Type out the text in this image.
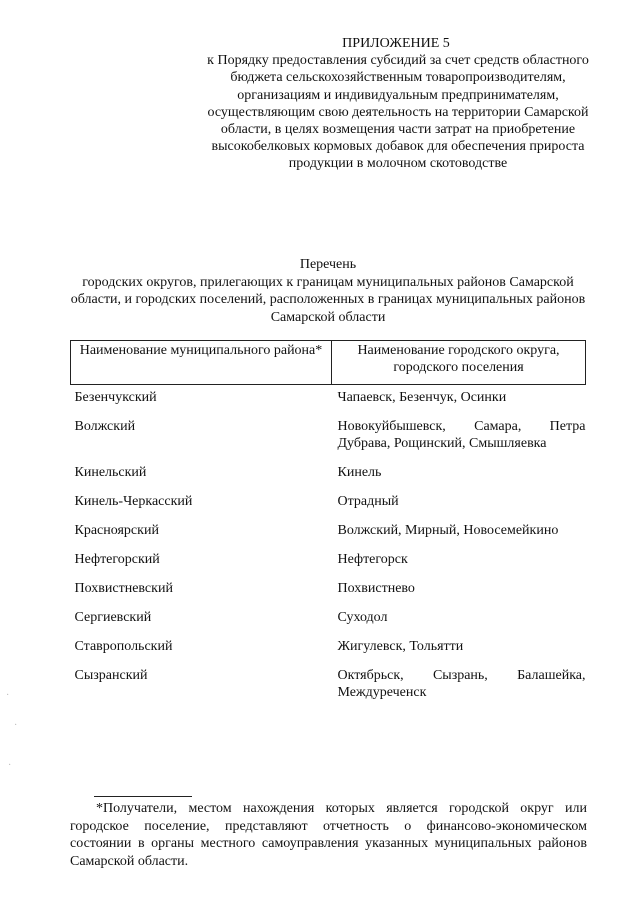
ПРИЛОЖЕНИЕ 5
к Порядку предоставления субсидий за счет средств областного бюджета сельскохозяйственным товаропроизводителям, организациям и индивидуальным предпринимателям, осуществляющим свою деятельность на территории Самарской области, в целях возмещения части затрат на приобретение высокобелковых кормовых добавок для обеспечения прироста продукции в молочном скотоводстве
Перечень
городских округов, прилегающих к границам муниципальных районов Самарской области, и городских поселений, расположенных в границах муниципальных районов Самарской области
Наименование муниципального района*	Наименование городского округа, городского поселения
Безенчукский	Чапаевск, Безенчук, Осинки
Волжский	Новокуйбышевск, Самара, Петра Дубрава, Рощинский, Смышляевка
Кинельский	Кинель
Кинель-Черкасский	Отрадный
Красноярский	Волжский, Мирный, Новосемейкино
Нефтегорский	Нефтегорск
Похвистневский	Похвистнево
Сергиевский	Суходол
Ставропольский	Жигулевск, Тольятти
Сызранский	Октябрьск, Сызрань, Балашейка, Междуреченск
*Получатели, местом нахождения которых является городской округ или городское поселение, представляют отчетность о финансово-экономическом состоянии в органы местного самоуправления указанных муниципальных районов Самарской области.
·
·
·
